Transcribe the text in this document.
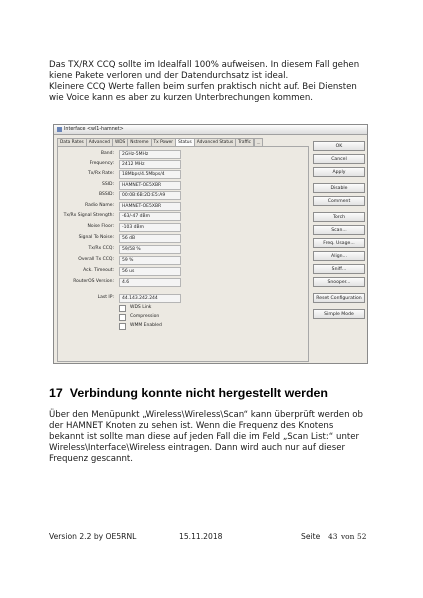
Das TX/RX CCQ sollte im Idealfall 100% aufweisen. In diesem Fall gehen

kiene Pakete verloren und der Datendurchsatz ist ideal.

Kleinere CCQ Werte fallen beim surfen praktisch nicht auf. Bei Diensten

wie Voice kann es aber zu kurzen Unterbrechungen kommen.

Interface <wl1-hamnet>
Data Rates	Advanced	WDS	Nstreme	Tx Power	Status	Advanced Status	Traffic	…
Band:	2GHz-5MHz
Frequency:	2412 MHz
Tx/Rx Rate:	18Mbps/4.5Mbps/4
SSID:	HAMNET-OE5XBR
BSSID:	00:0B:6B:2D:E5:A9
Radio Name:	HAMNET-OE5XBR
Tx/Rx Signal Strength:	-63/-47 dBm
Noise Floor:	-103 dBm
Signal To Noise:	56 dB
Tx/Rx CCQ:	59/58 %
Overall Tx CCQ:	59 %
Ack. Timeout:	56 us
RouterOS Version:	4.6
Last IP:	44.143.242.244
WDS Link
Compression
WMM Enabled
OK
Cancel
Apply
Disable
Comment
Torch
Scan...
Freq. Usage...
Align...
Sniff...
Snooper...
Reset Configuration
Simple Mode
17 Verbindung konnte nicht hergestellt werden

Über den Menüpunkt „Wireless\Wireless\Scan“ kann überprüft werden ob

der HAMNET Knoten zu sehen ist. Wenn die Frequenz des Knotens

bekannt ist sollte man diese auf jeden Fall die im Feld „Scan List:“ unter

Wireless\Interface\Wireless eintragen. Dann wird auch nur auf dieser

Frequenz gescannt.

Version 2.2 by OE5RNL	15.11.2018	Seite 43 von 52
